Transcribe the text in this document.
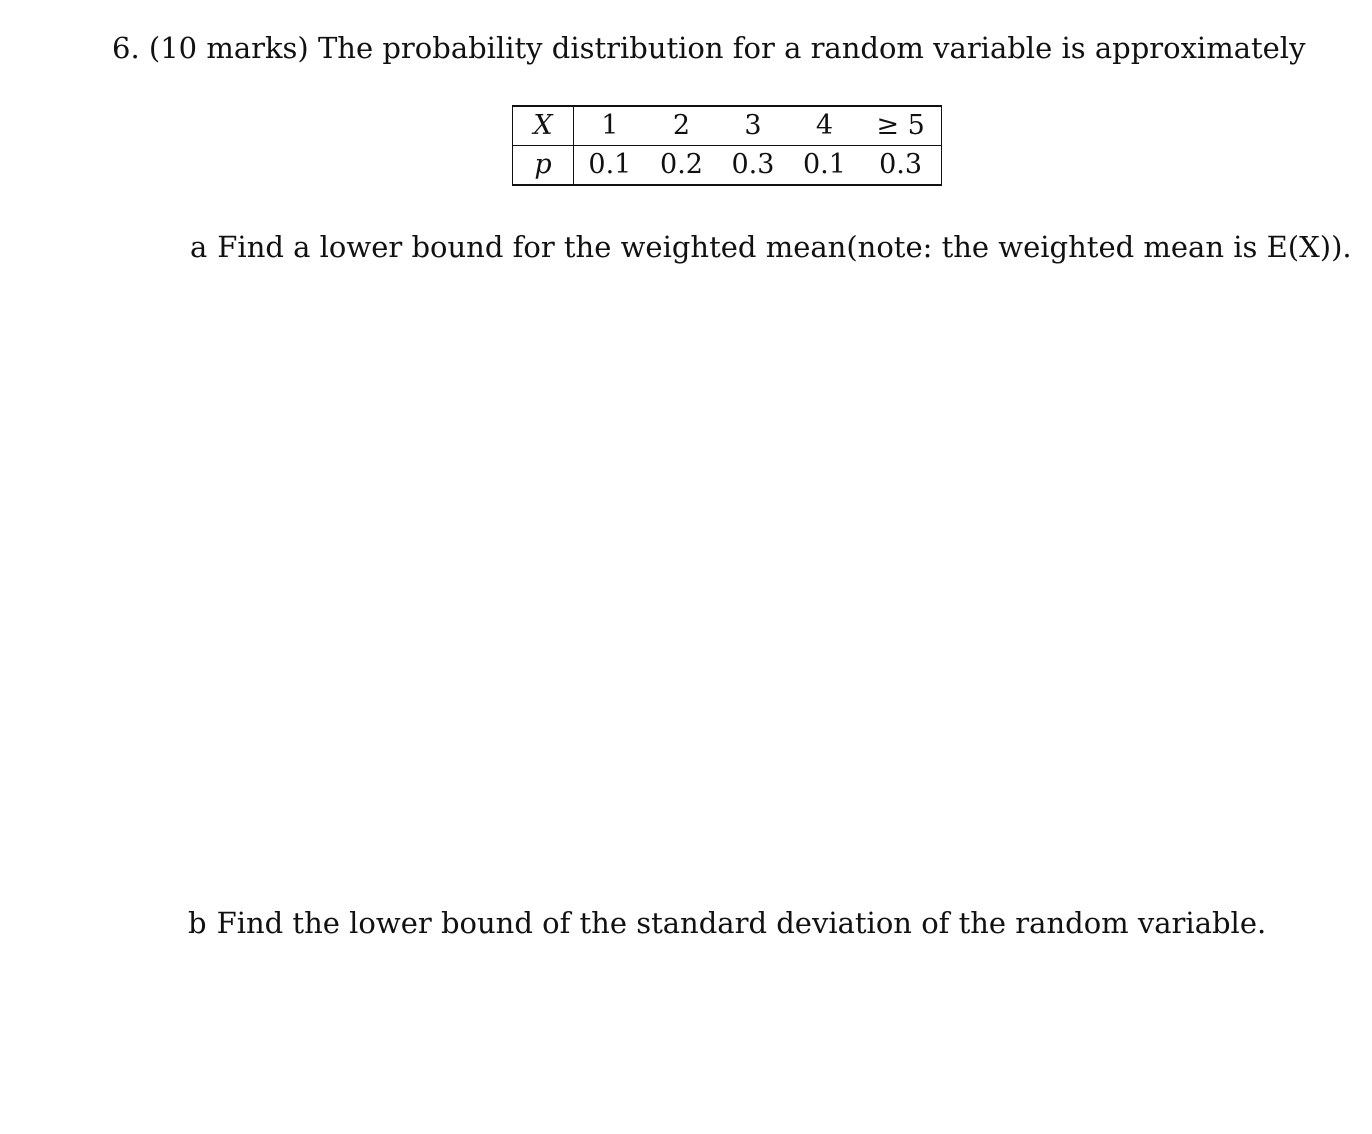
6. (10 marks) The probability distribution for a random variable is approximately
X	1	2	3	4	≥ 5
p	0.1	0.2	0.3	0.1	0.3
a Find a lower bound for the weighted mean(note: the weighted mean is E(X)).
b Find the lower bound of the standard deviation of the random variable.
